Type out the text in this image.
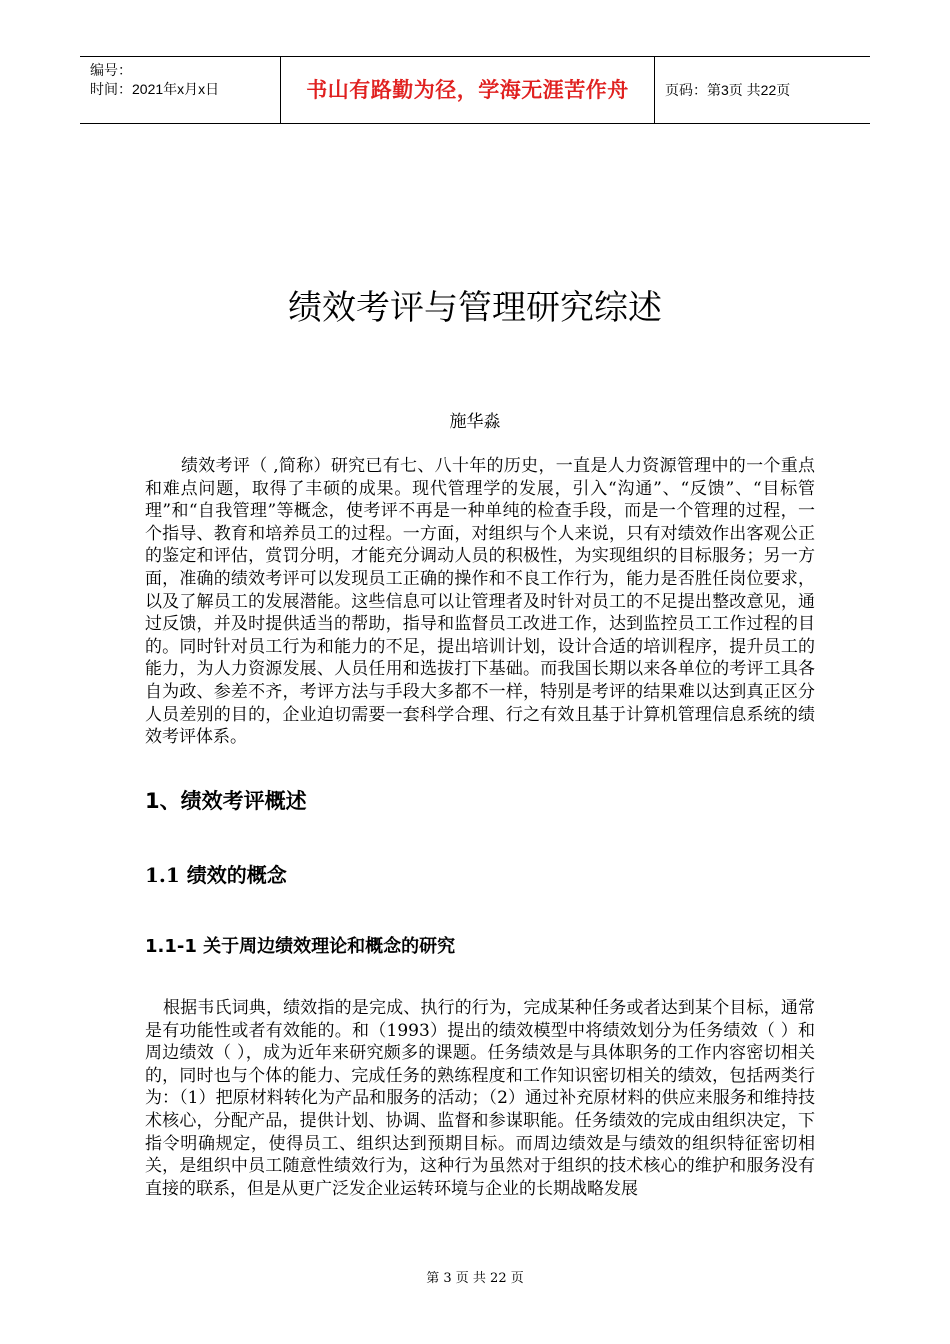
编号：
时间：2021年x月x日	书山有路勤为径，学海无涯苦作舟	页码：第3页 共22页
绩效考评与管理研究综述
施华淼

绩效考评（ ,简称）研究已有七、八十年的历史，一直是人力资源管理中的一个重点和难点问题，取得了丰硕的成果。现代管理学的发展，引入“沟通”、“反馈”、“目标管理”和“自我管理”等概念，使考评不再是一种单纯的检查手段，而是一个管理的过程，一个指导、教育和培养员工的过程。一方面，对组织与个人来说，只有对绩效作出客观公正的鉴定和评估，赏罚分明，才能充分调动人员的积极性，为实现组织的目标服务；另一方面，准确的绩效考评可以发现员工正确的操作和不良工作行为，能力是否胜任岗位要求，以及了解员工的发展潜能。这些信息可以让管理者及时针对员工的不足提出整改意见，通过反馈，并及时提供适当的帮助，指导和监督员工改进工作，达到监控员工工作过程的目的。同时针对员工行为和能力的不足，提出培训计划，设计合适的培训程序，提升员工的能力，为人力资源发展、人员任用和选拔打下基础。而我国长期以来各单位的考评工具各自为政、参差不齐，考评方法与手段大多都不一样，特别是考评的结果难以达到真正区分人员差别的目的，企业迫切需要一套科学合理、行之有效且基于计算机管理信息系统的绩效考评体系。

1、绩效考评概述
1.1 绩效的概念
1.1-1 关于周边绩效理论和概念的研究

根据韦氏词典，绩效指的是完成、执行的行为，完成某种任务或者达到某个目标，通常是有功能性或者有效能的。和（1993）提出的绩效模型中将绩效划分为任务绩效（ ）和周边绩效（ ），成为近年来研究颇多的课题。任务绩效是与具体职务的工作内容密切相关的，同时也与个体的能力、完成任务的熟练程度和工作知识密切相关的绩效，包括两类行为：（1）把原材料转化为产品和服务的活动；（2）通过补充原材料的供应来服务和维持技术核心，分配产品，提供计划、协调、监督和参谋职能。任务绩效的完成由组织决定，下指令明确规定，使得员工、组织达到预期目标。而周边绩效是与绩效的组织特征密切相关，是组织中员工随意性绩效行为，这种行为虽然对于组织的技术核心的维护和服务没有直接的联系，但是从更广泛发企业运转环境与企业的长期战略发展

第 3 页 共 22 页
